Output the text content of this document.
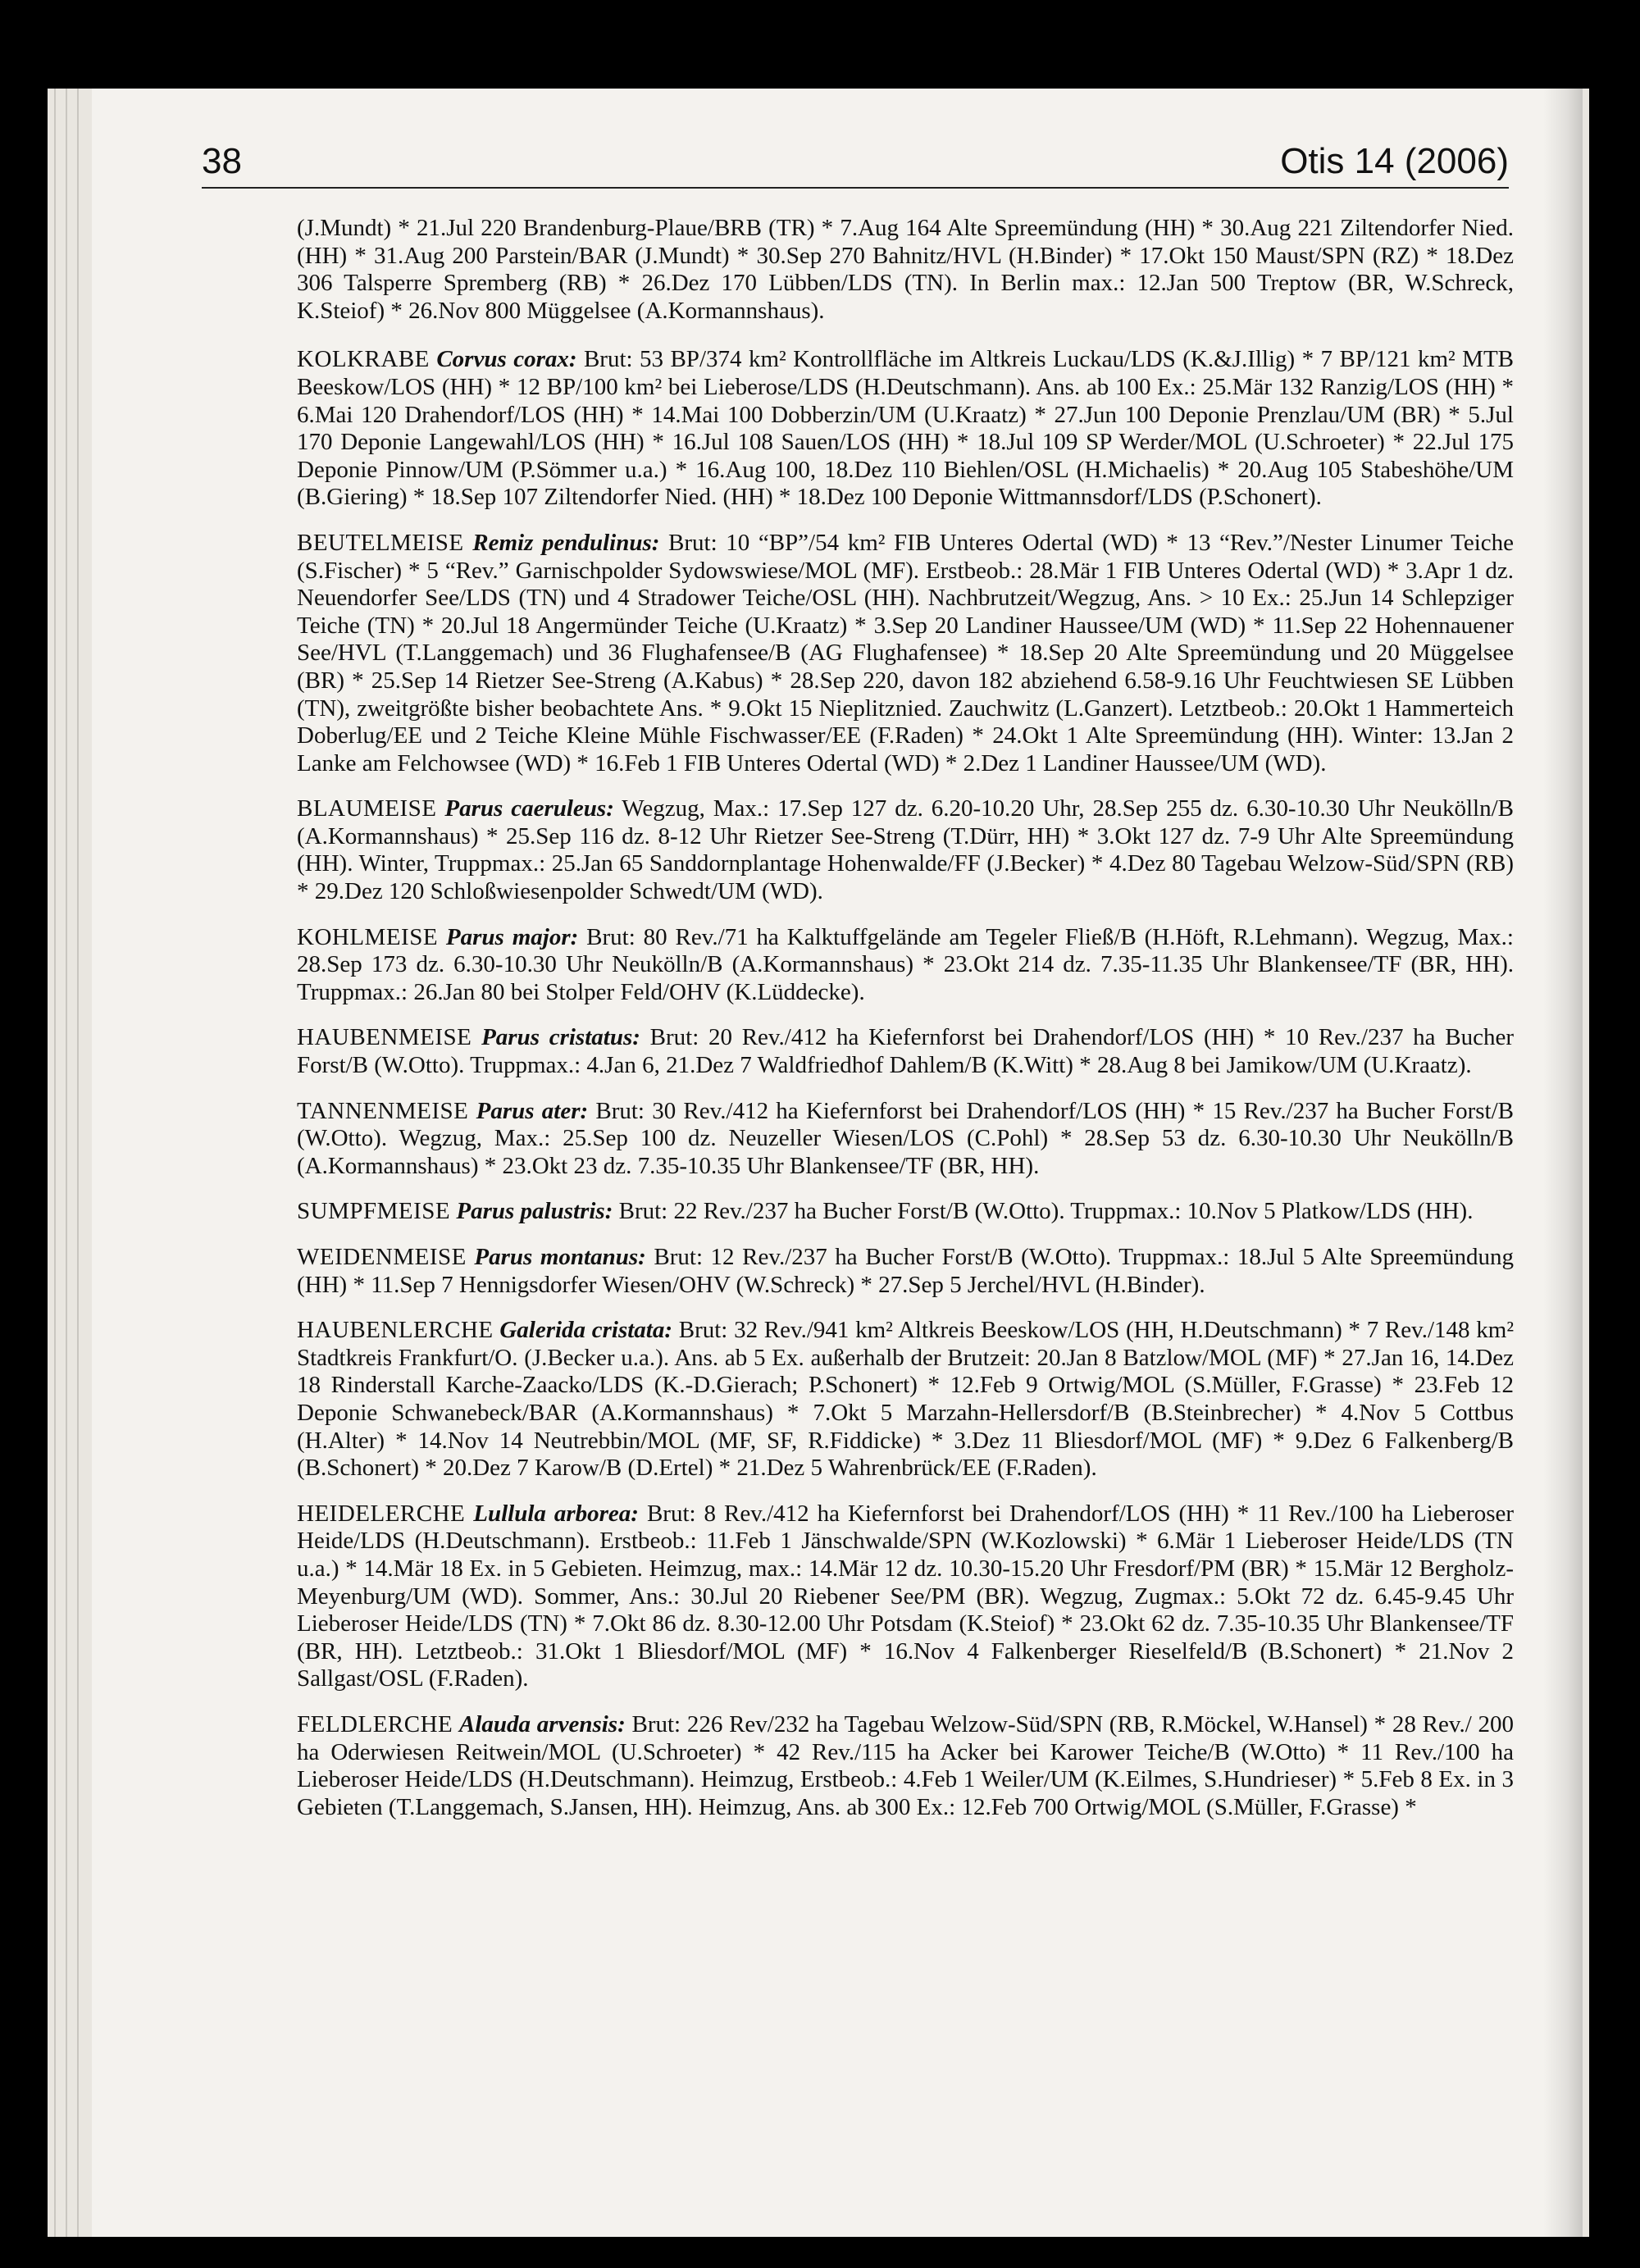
38	Otis 14 (2006)

(J.Mundt) * 21.Jul 220 Brandenburg-Plaue/BRB (TR) * 7.Aug 164 Alte Spreemündung (HH) * 30.Aug 221 Ziltendorfer Nied. (HH) * 31.Aug 200 Parstein/BAR (J.Mundt) * 30.Sep 270 Bahnitz/HVL (H.Binder) * 17.Okt 150 Maust/SPN (RZ) * 18.Dez 306 Talsperre Spremberg (RB) * 26.Dez 170 Lübben/LDS (TN). In Berlin max.: 12.Jan 500 Treptow (BR, W.Schreck, K.Steiof) * 26.Nov 800 Müggelsee (A.Kormannshaus).

KOLKRABE Corvus corax: Brut: 53 BP/374 km² Kontrollfläche im Altkreis Luckau/LDS (K.&J.Illig) * 7 BP/121 km² MTB Beeskow/LOS (HH) * 12 BP/100 km² bei Lieberose/LDS (H.Deutschmann). Ans. ab 100 Ex.: 25.Mär 132 Ranzig/LOS (HH) * 6.Mai 120 Drahendorf/LOS (HH) * 14.Mai 100 Dobberzin/UM (U.Kraatz) * 27.Jun 100 Deponie Prenzlau/UM (BR) * 5.Jul 170 Deponie Langewahl/LOS (HH) * 16.Jul 108 Sauen/LOS (HH) * 18.Jul 109 SP Werder/MOL (U.Schroeter) * 22.Jul 175 Deponie Pinnow/UM (P.Sömmer u.a.) * 16.Aug 100, 18.Dez 110 Biehlen/OSL (H.Michaelis) * 20.Aug 105 Stabeshöhe/UM (B.Giering) * 18.Sep 107 Ziltendorfer Nied. (HH) * 18.Dez 100 Deponie Wittmannsdorf/LDS (P.Schonert).

BEUTELMEISE Remiz pendulinus: Brut: 10 “BP”/54 km² FIB Unteres Odertal (WD) * 13 “Rev.”/Nester Linumer Teiche (S.Fischer) * 5 “Rev.” Garnischpolder Sydowswiese/MOL (MF). Erstbeob.: 28.Mär 1 FIB Unteres Odertal (WD) * 3.Apr 1 dz. Neuendorfer See/LDS (TN) und 4 Stradower Teiche/OSL (HH). Nachbrutzeit/Wegzug, Ans. > 10 Ex.: 25.Jun 14 Schlepziger Teiche (TN) * 20.Jul 18 Angermünder Teiche (U.Kraatz) * 3.Sep 20 Landiner Haussee/UM (WD) * 11.Sep 22 Hohennauener See/HVL (T.Langgemach) und 36 Flughafensee/B (AG Flughafensee) * 18.Sep 20 Alte Spreemündung und 20 Müggelsee (BR) * 25.Sep 14 Rietzer See-Streng (A.Kabus) * 28.Sep 220, davon 182 abziehend 6.58-9.16 Uhr Feuchtwiesen SE Lübben (TN), zweitgrößte bisher beobachtete Ans. * 9.Okt 15 Nieplitznied. Zauchwitz (L.Ganzert). Letztbeob.: 20.Okt 1 Hammerteich Doberlug/EE und 2 Teiche Kleine Mühle Fischwasser/EE (F.Raden) * 24.Okt 1 Alte Spreemündung (HH). Winter: 13.Jan 2 Lanke am Felchowsee (WD) * 16.Feb 1 FIB Unteres Odertal (WD) * 2.Dez 1 Landiner Haussee/UM (WD).

BLAUMEISE Parus caeruleus: Wegzug, Max.: 17.Sep 127 dz. 6.20-10.20 Uhr, 28.Sep 255 dz. 6.30-10.30 Uhr Neukölln/B (A.Kormannshaus) * 25.Sep 116 dz. 8-12 Uhr Rietzer See-Streng (T.Dürr, HH) * 3.Okt 127 dz. 7-9 Uhr Alte Spreemündung (HH). Winter, Truppmax.: 25.Jan 65 Sanddornplantage Hohenwalde/FF (J.Becker) * 4.Dez 80 Tagebau Welzow-Süd/SPN (RB) * 29.Dez 120 Schloßwiesenpolder Schwedt/UM (WD).

KOHLMEISE Parus major: Brut: 80 Rev./71 ha Kalktuffgelände am Tegeler Fließ/B (H.Höft, R.Lehmann). Wegzug, Max.: 28.Sep 173 dz. 6.30-10.30 Uhr Neukölln/B (A.Kormannshaus) * 23.Okt 214 dz. 7.35-11.35 Uhr Blankensee/TF (BR, HH). Truppmax.: 26.Jan 80 bei Stolper Feld/OHV (K.Lüddecke).

HAUBENMEISE Parus cristatus: Brut: 20 Rev./412 ha Kiefernforst bei Drahendorf/LOS (HH) * 10 Rev./237 ha Bucher Forst/B (W.Otto). Truppmax.: 4.Jan 6, 21.Dez 7 Waldfriedhof Dahlem/B (K.Witt) * 28.Aug 8 bei Jamikow/UM (U.Kraatz).

TANNENMEISE Parus ater: Brut: 30 Rev./412 ha Kiefernforst bei Drahendorf/LOS (HH) * 15 Rev./237 ha Bucher Forst/B (W.Otto). Wegzug, Max.: 25.Sep 100 dz. Neuzeller Wiesen/LOS (C.Pohl) * 28.Sep 53 dz. 6.30-10.30 Uhr Neukölln/B (A.Kormannshaus) * 23.Okt 23 dz. 7.35-10.35 Uhr Blankensee/TF (BR, HH).

SUMPFMEISE Parus palustris: Brut: 22 Rev./237 ha Bucher Forst/B (W.Otto). Truppmax.: 10.Nov 5 Platkow/LDS (HH).

WEIDENMEISE Parus montanus: Brut: 12 Rev./237 ha Bucher Forst/B (W.Otto). Truppmax.: 18.Jul 5 Alte Spreemündung (HH) * 11.Sep 7 Hennigsdorfer Wiesen/OHV (W.Schreck) * 27.Sep 5 Jerchel/HVL (H.Binder).

HAUBENLERCHE Galerida cristata: Brut: 32 Rev./941 km² Altkreis Beeskow/LOS (HH, H.Deutschmann) * 7 Rev./148 km² Stadtkreis Frankfurt/O. (J.Becker u.a.). Ans. ab 5 Ex. außerhalb der Brutzeit: 20.Jan 8 Batzlow/MOL (MF) * 27.Jan 16, 14.Dez 18 Rinderstall Karche-Zaacko/LDS (K.-D.Gierach; P.Schonert) * 12.Feb 9 Ortwig/MOL (S.Müller, F.Grasse) * 23.Feb 12 Deponie Schwanebeck/BAR (A.Kormannshaus) * 7.Okt 5 Marzahn-Hellersdorf/B (B.Steinbrecher) * 4.Nov 5 Cottbus (H.Alter) * 14.Nov 14 Neutrebbin/MOL (MF, SF, R.Fiddicke) * 3.Dez 11 Bliesdorf/MOL (MF) * 9.Dez 6 Falkenberg/B (B.Schonert) * 20.Dez 7 Karow/B (D.Ertel) * 21.Dez 5 Wahrenbrück/EE (F.Raden).

HEIDELERCHE Lullula arborea: Brut: 8 Rev./412 ha Kiefernforst bei Drahendorf/LOS (HH) * 11 Rev./100 ha Lieberoser Heide/LDS (H.Deutschmann). Erstbeob.: 11.Feb 1 Jänschwalde/SPN (W.Kozlowski) * 6.Mär 1 Lieberoser Heide/LDS (TN u.a.) * 14.Mär 18 Ex. in 5 Gebieten. Heimzug, max.: 14.Mär 12 dz. 10.30-15.20 Uhr Fresdorf/PM (BR) * 15.Mär 12 Bergholz-Meyenburg/UM (WD). Sommer, Ans.: 30.Jul 20 Riebener See/PM (BR). Wegzug, Zugmax.: 5.Okt 72 dz. 6.45-9.45 Uhr Lieberoser Heide/LDS (TN) * 7.Okt 86 dz. 8.30-12.00 Uhr Potsdam (K.Steiof) * 23.Okt 62 dz. 7.35-10.35 Uhr Blankensee/TF (BR, HH). Letztbeob.: 31.Okt 1 Bliesdorf/MOL (MF) * 16.Nov 4 Falkenberger Rieselfeld/B (B.Schonert) * 21.Nov 2 Sallgast/OSL (F.Raden).

FELDLERCHE Alauda arvensis: Brut: 226 Rev/232 ha Tagebau Welzow-Süd/SPN (RB, R.Möckel, W.Hansel) * 28 Rev./ 200 ha Oderwiesen Reitwein/MOL (U.Schroeter) * 42 Rev./115 ha Acker bei Karower Teiche/B (W.Otto) * 11 Rev./100 ha Lieberoser Heide/LDS (H.Deutschmann). Heimzug, Erstbeob.: 4.Feb 1 Weiler/UM (K.Eilmes, S.Hundrieser) * 5.Feb 8 Ex. in 3 Gebieten (T.Langgemach, S.Jansen, HH). Heimzug, Ans. ab 300 Ex.: 12.Feb 700 Ortwig/MOL (S.Müller, F.Grasse) *
